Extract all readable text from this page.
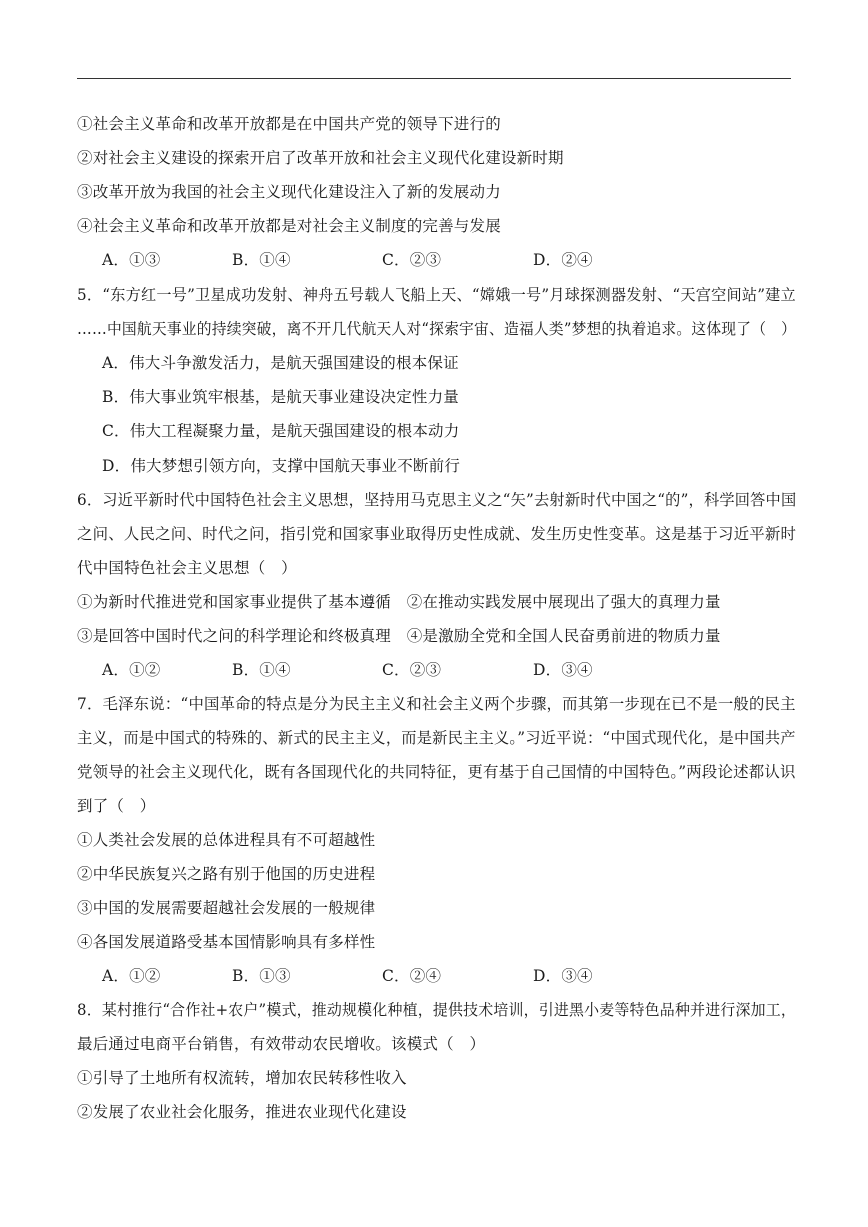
①社会主义革命和改革开放都是在中国共产党的领导下进行的
②对社会主义建设的探索开启了改革开放和社会主义现代化建设新时期
③改革开放为我国的社会主义现代化建设注入了新的发展动力
④社会主义革命和改革开放都是对社会主义制度的完善与发展
A．①③	B．①④	C．②③	D．②④
5．“东方红一号”卫星成功发射、神舟五号载人飞船上天、“嫦娥一号”月球探测器发射、“天宫空间站”建立
……中国航天事业的持续突破，离不开几代航天人对“探索宇宙、造福人类”梦想的执着追求。这体现了（　）
A．伟大斗争激发活力，是航天强国建设的根本保证
B．伟大事业筑牢根基，是航天事业建设决定性力量
C．伟大工程凝聚力量，是航天强国建设的根本动力
D．伟大梦想引领方向，支撑中国航天事业不断前行
6．习近平新时代中国特色社会主义思想，坚持用马克思主义之“矢”去射新时代中国之“的”，科学回答中国
之问、人民之问、时代之问，指引党和国家事业取得历史性成就、发生历史性变革。这是基于习近平新时
代中国特色社会主义思想（　）
①为新时代推进党和国家事业提供了基本遵循　②在推动实践发展中展现出了强大的真理力量
③是回答中国时代之问的科学理论和终极真理　④是激励全党和全国人民奋勇前进的物质力量
A．①②	B．①④	C．②③	D．③④
7．毛泽东说：“中国革命的特点是分为民主主义和社会主义两个步骤，而其第一步现在已不是一般的民主
主义，而是中国式的特殊的、新式的民主主义，而是新民主主义。”习近平说：“中国式现代化，是中国共产
党领导的社会主义现代化，既有各国现代化的共同特征，更有基于自己国情的中国特色。”两段论述都认识
到了（　）
①人类社会发展的总体进程具有不可超越性
②中华民族复兴之路有别于他国的历史进程
③中国的发展需要超越社会发展的一般规律
④各国发展道路受基本国情影响具有多样性
A．①②	B．①③	C．②④	D．③④
8．某村推行“合作社+农户”模式，推动规模化种植，提供技术培训，引进黑小麦等特色品种并进行深加工，
最后通过电商平台销售，有效带动农民增收。该模式（　）
①引导了土地所有权流转，增加农民转移性收入
②发展了农业社会化服务，推进农业现代化建设
